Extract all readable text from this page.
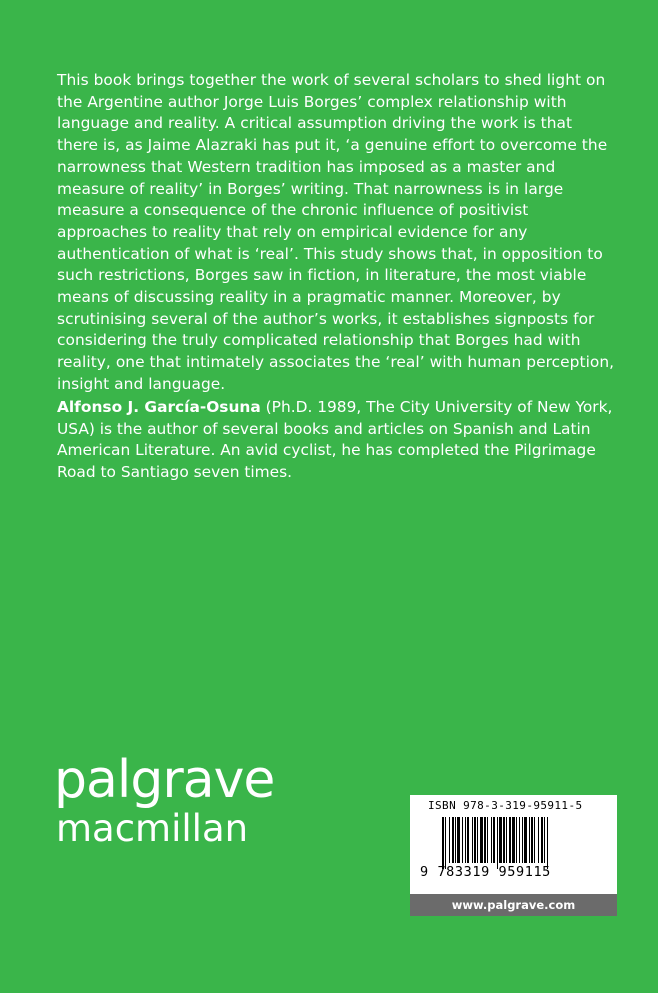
This book brings together the work of several scholars to shed light on the Argentine author Jorge Luis Borges’ complex relationship with language and reality. A critical assumption driving the work is that there is, as Jaime Alazraki has put it, ‘a genuine effort to overcome the narrowness that Western tradition has imposed as a master and measure of reality’ in Borges’ writing. That narrowness is in large measure a consequence of the chronic influence of positivist approaches to reality that rely on empirical evidence for any authentication of what is ‘real’. This study shows that, in opposition to such restrictions, Borges saw in fiction, in literature, the most viable means of discussing reality in a pragmatic manner. Moreover, by scrutinising several of the author’s works, it establishes signposts for considering the truly complicated relationship that Borges had with reality, one that intimately associates the ‘real’ with human perception, insight and language.

Alfonso J. García-Osuna (Ph.D. 1989, The City University of New York, USA) is the author of several books and articles on Spanish and Latin American Literature. An avid cyclist, he has completed the Pilgrimage Road to Santiago seven times.

palgrave
macmillan
ISBN 978-3-319-95911-5
9 783319 959115
www.palgrave.com
